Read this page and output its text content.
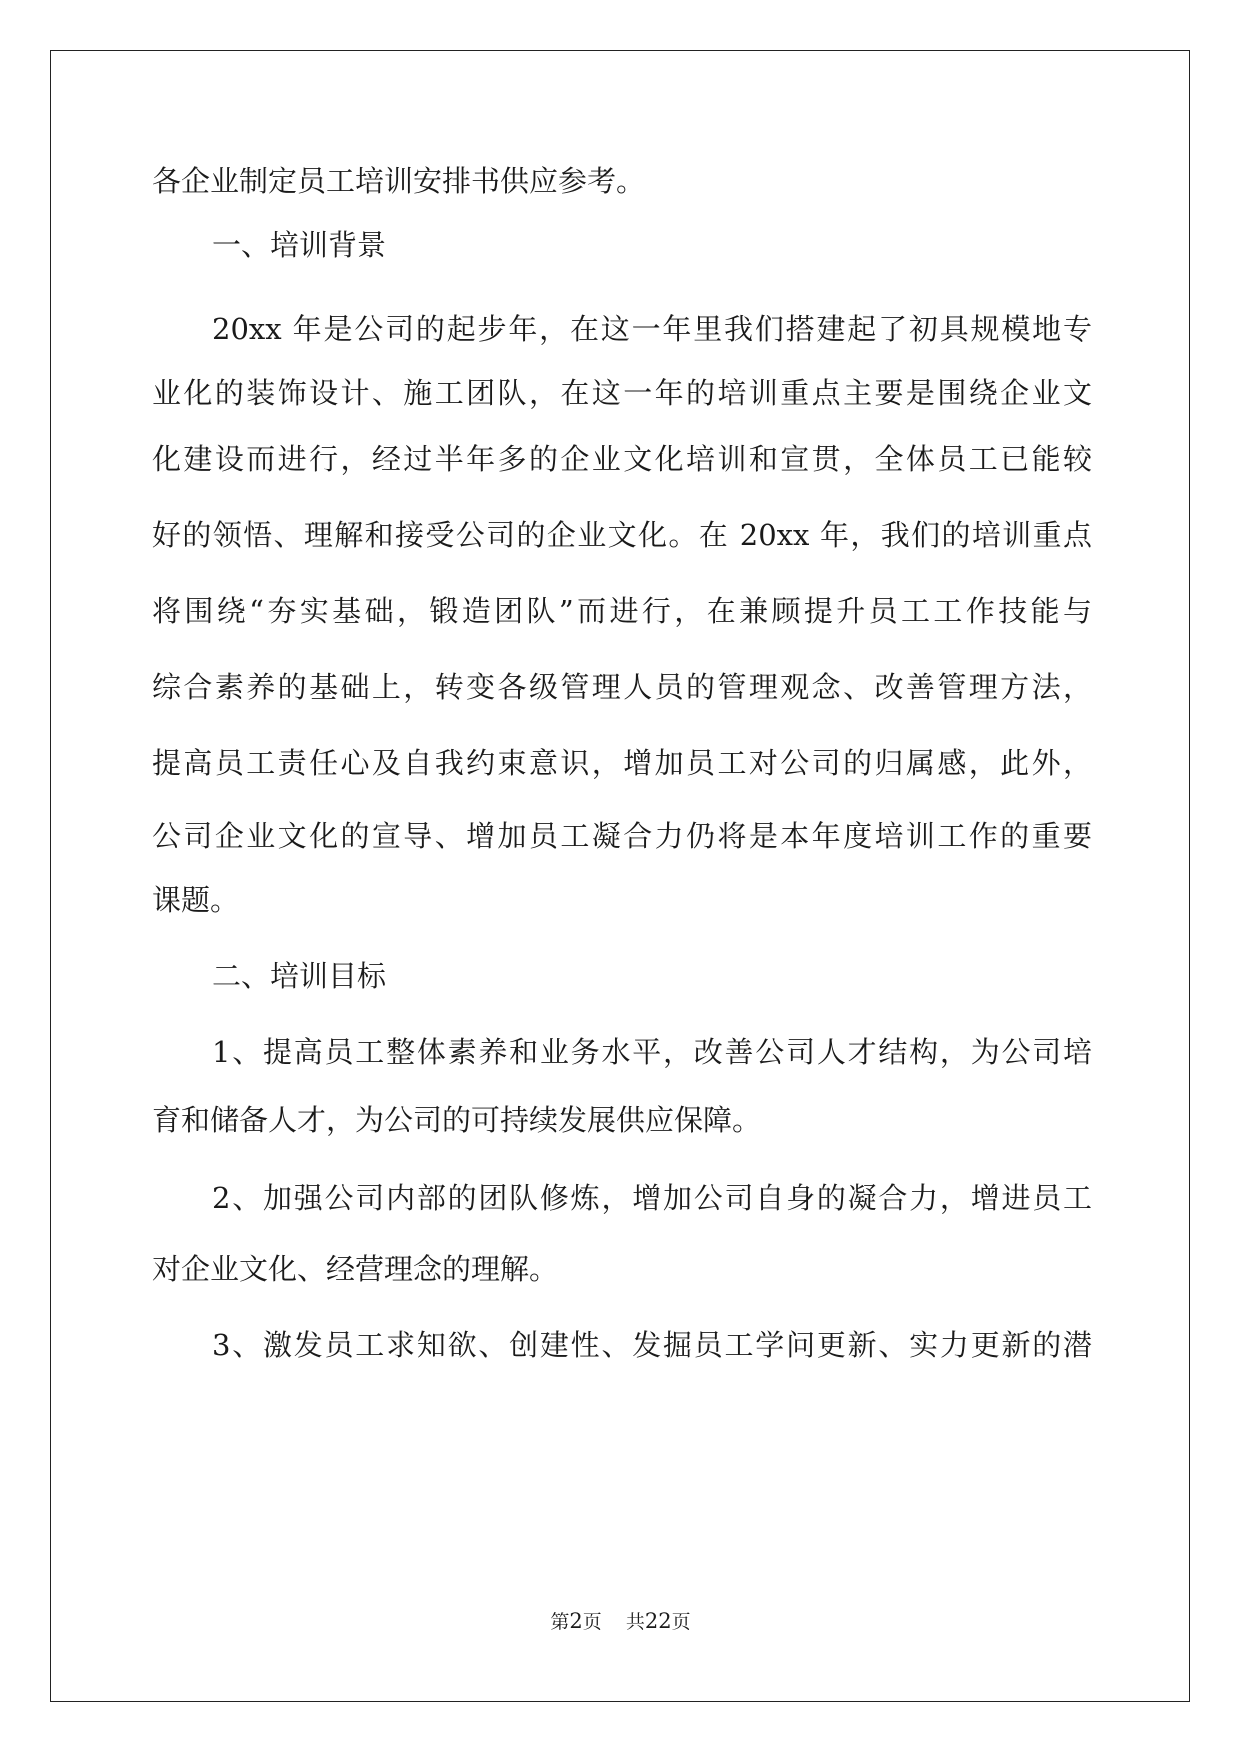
各企业制定员工培训安排书供应参考。
一、培训背景
20xx 年是公司的起步年，在这一年里我们搭建起了初具规模地专
业化的装饰设计、施工团队，在这一年的培训重点主要是围绕企业文
化建设而进行，经过半年多的企业文化培训和宣贯，全体员工已能较
好的领悟、理解和接受公司的企业文化。在 20xx 年，我们的培训重点
将围绕“夯实基础，锻造团队”而进行，在兼顾提升员工工作技能与
综合素养的基础上，转变各级管理人员的管理观念、改善管理方法，
提高员工责任心及自我约束意识，增加员工对公司的归属感，此外，
公司企业文化的宣导、增加员工凝合力仍将是本年度培训工作的重要
课题。
二、培训目标
1、提高员工整体素养和业务水平，改善公司人才结构，为公司培
育和储备人才，为公司的可持续发展供应保障。
2、加强公司内部的团队修炼，增加公司自身的凝合力，增进员工
对企业文化、经营理念的理解。
3、激发员工求知欲、创建性、发掘员工学问更新、实力更新的潜
第2页    共22页
